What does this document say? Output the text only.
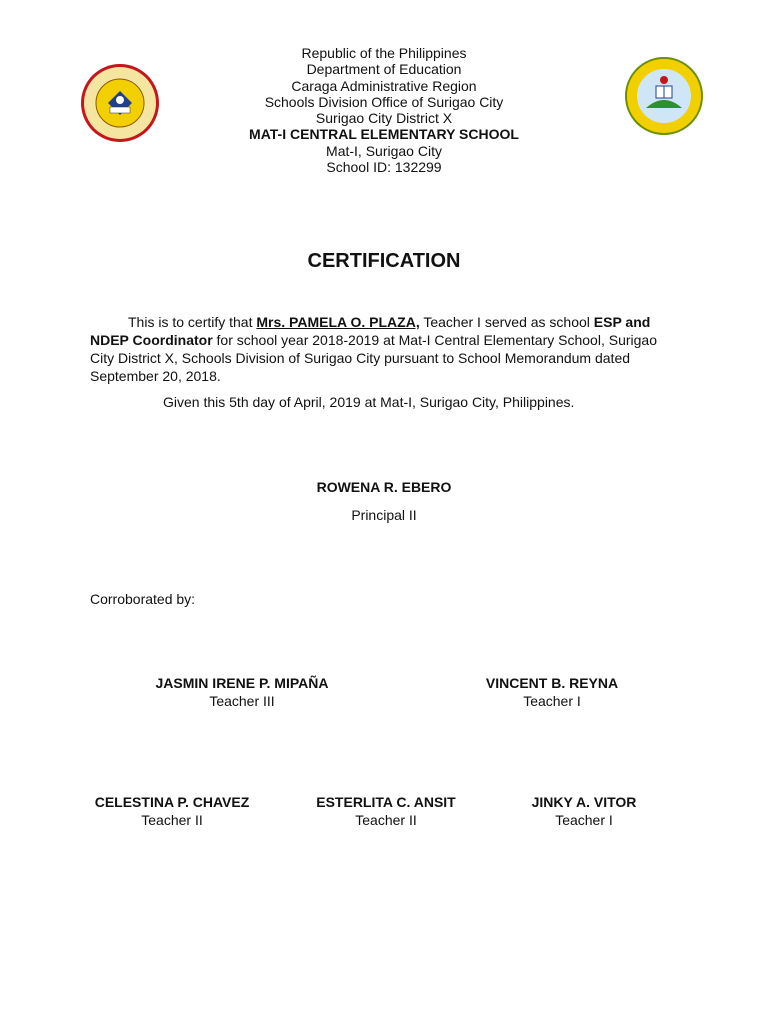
Republic of the Philippines
Department of Education
Caraga Administrative Region
Schools Division Office of Surigao City
Surigao City District X
MAT-I CENTRAL ELEMENTARY SCHOOL
Mat-I, Surigao City
School ID: 132299
CERTIFICATION
This is to certify that Mrs. PAMELA O. PLAZA, Teacher I served as school ESP and NDEP Coordinator for school year 2018-2019 at Mat-I Central Elementary School, Surigao City District X, Schools Division of Surigao City pursuant to School Memorandum dated September 20, 2018.
Given this 5th day of April, 2019 at Mat-I, Surigao City, Philippines.
ROWENA R. EBERO
Principal II
Corroborated by:
JASMIN IRENE P. MIPAÑA
Teacher III
VINCENT B. REYNA
Teacher I
CELESTINA P. CHAVEZ
Teacher II
ESTERLITA C. ANSIT
Teacher II
JINKY A. VITOR
Teacher I
